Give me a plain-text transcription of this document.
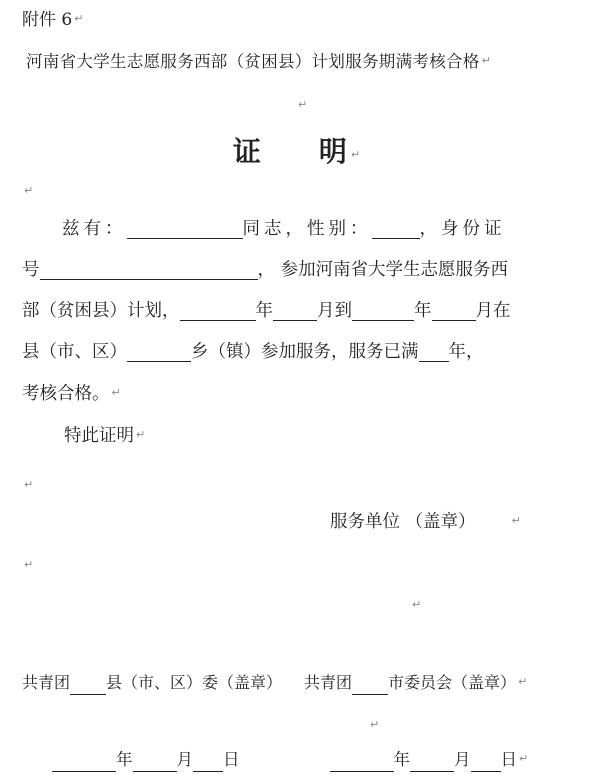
附件 6 ↵
河南省大学生志愿服务西部（贫困县）计划服务期满考核合格 ↵
↵
证 明 ↵
↵
兹有：	同志，性别：	，身份证
号	， 参加河南省大学生志愿服务西
部（贫困县）计划，	年	月到	年	月在
县（市、区）	乡（镇）参加服务，服务已满 年，
考核合格。 ↵
特此证明 ↵
↵
服务单位 （盖章）	↵
↵
↵
共青团 县（市、区）委（盖章） 共青团 市委员会（盖章） ↵
↵
年	月 日	年	月 日 ↵
